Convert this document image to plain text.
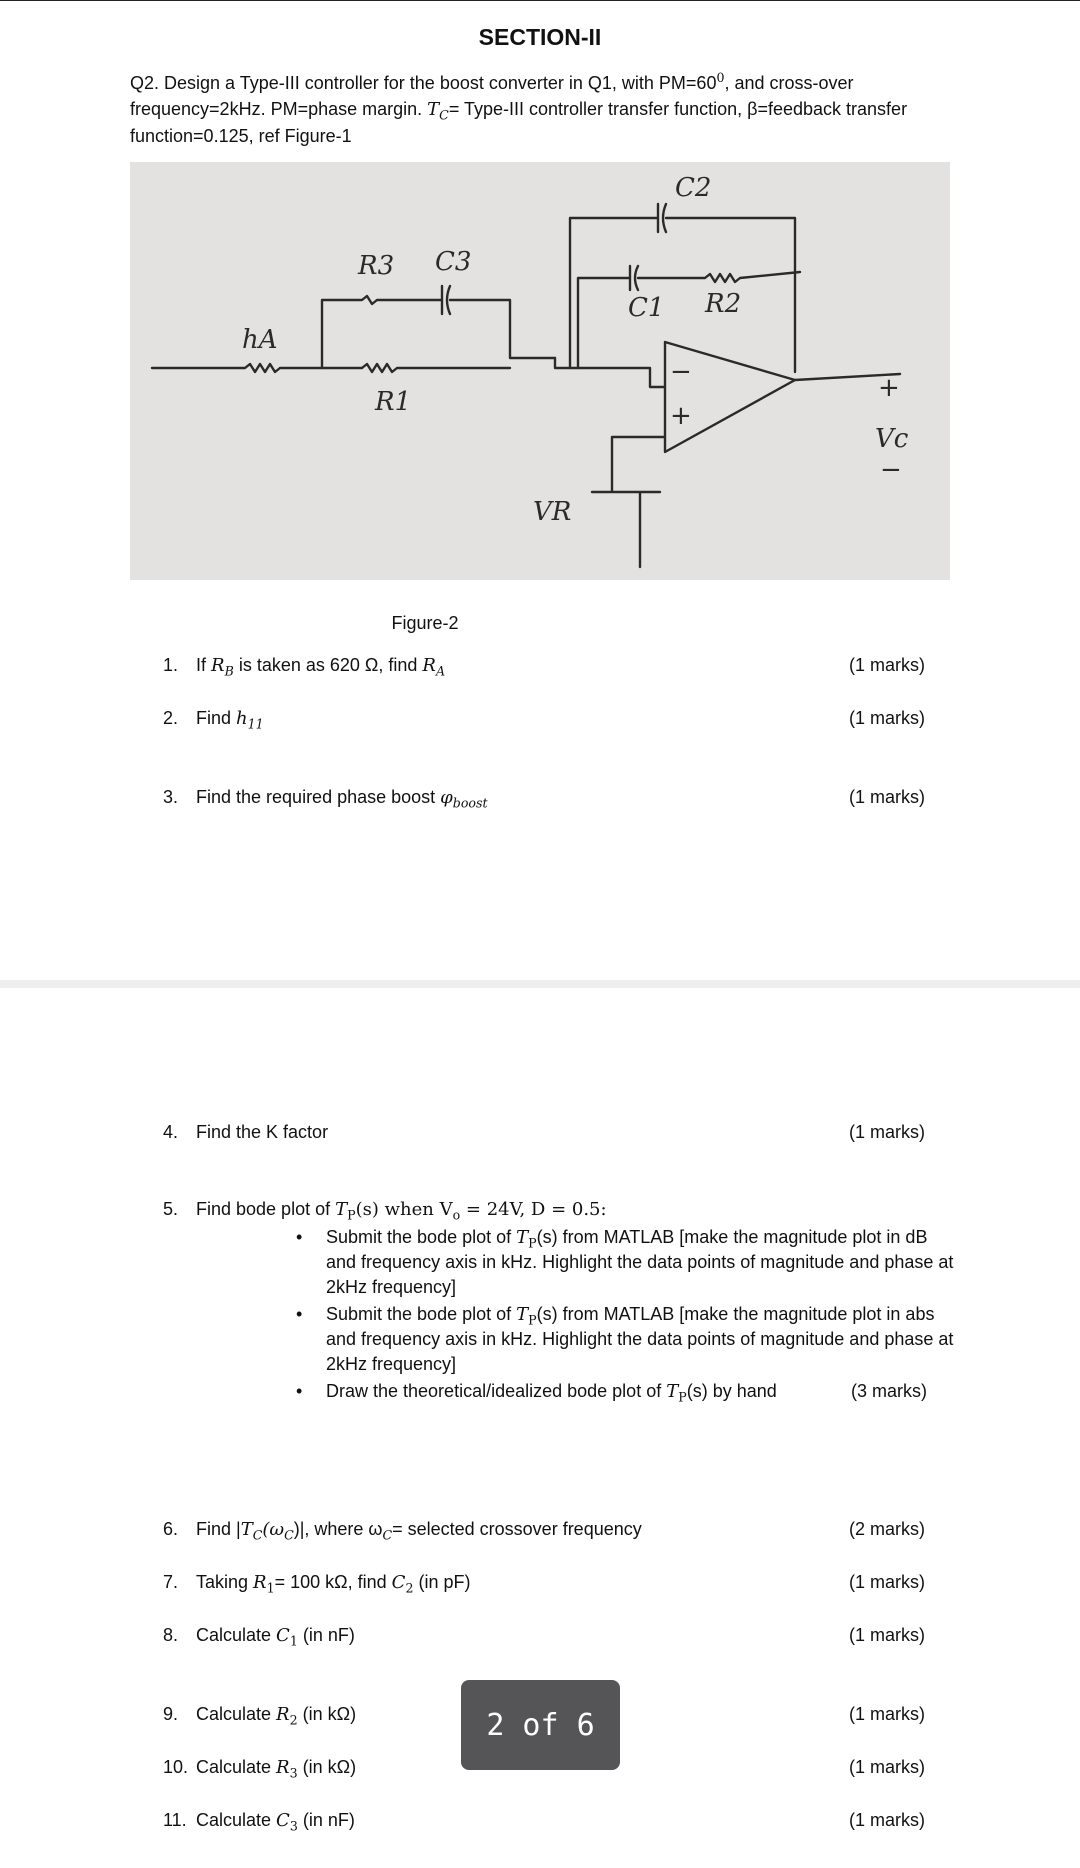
SECTION-II
Q2. Design a Type-III controller for the boost converter in Q1, with $PM=60^0$, and cross-over frequency=2kHz. PM=phase margin. $T_C=$ Type-III controller transfer function, β=feedback transfer function=0.125, ref Figure-1
C2
C1 R2
C3
R3
R1
hA
VR
Vc
−
+
+
−
Figure-2
1. If $R_B$ is taken as 620 Ω, find $R_A$	(1 marks)
2. Find $h_{11}$	(1 marks)
3. Find the required phase boost $\varphi_{boost}$	(1 marks)
4. Find the K factor	(1 marks)
5. Find bode plot of $T_P(s)$ when $V_o = 24V$, D = 0.5:
• Submit the bode plot of $T_P(s)$ from MATLAB [make the magnitude plot in dB and frequency axis in kHz. Highlight the data points of magnitude and phase at 2kHz frequency]
• Submit the bode plot of $T_P(s)$ from MATLAB [make the magnitude plot in abs and frequency axis in kHz. Highlight the data points of magnitude and phase at 2kHz frequency]
• Draw the theoretical/idealized bode plot of $T_P(s)$ by hand	(3 marks)
6. Find $|T_C(\omega_C)|$, where $\omega_C=$ selected crossover frequency	(2 marks)
7. Taking $R_1= 100$ kΩ, find $C_2$ (in pF)	(1 marks)
8. Calculate $C_1$ (in nF)	(1 marks)
9. Calculate $R_2$ (in kΩ)	(1 marks)
10. Calculate $R_3$ (in kΩ)	(1 marks)
11. Calculate $C_3$ (in nF)	(1 marks)
2 of 6
